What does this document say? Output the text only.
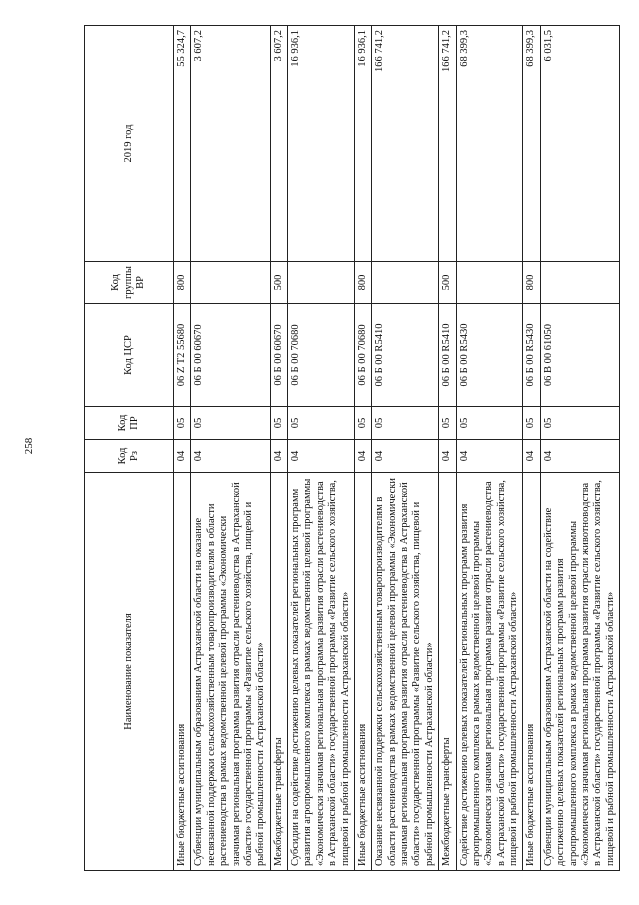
258
Наименование показателя	Код Рз	Код ПР	Код ЦСР	Код группы ВР	2019 год
Иные бюджетные ассигнования	04	05	06 Z T2 55680	800	55 324,7
Субвенции муниципальным образованиям Астраханской области на оказание несвязанной поддержки сельскохозяйственным товаропроизводителям в области растениеводства в рамках ведомственной целевой программы «Экономически значимая региональная программа развития отрасли растениеводства в Астраханской области» государственной программы «Развитие сельского хозяйства, пищевой и рыбной промышленности Астраханской области»	04	05	06 Б 00 60670		3 607,2
Межбюджетные трансферты	04	05	06 Б 00 60670	500	3 607,2
Субсидии на содействие достижению целевых показателей региональных программ развития агропромышленного комплекса в рамках ведомственной целевой программы «Экономически значимая региональная программа развития отрасли растениеводства в Астраханской области» государственной программы «Развитие сельского хозяйства, пищевой и рыбной промышленности Астраханской области»	04	05	06 Б 00 70680		16 936,1
Иные бюджетные ассигнования	04	05	06 Б 00 70680	800	16 936,1
Оказание несвязанной поддержки сельскохозяйственным товаропроизводителям в области растениеводства в рамках ведомственной целевой программы «Экономически значимая региональная программа развития отрасли растениеводства в Астраханской области» государственной программы «Развитие сельского хозяйства, пищевой и рыбной промышленности Астраханской области»	04	05	06 Б 00 R5410		166 741,2
Межбюджетные трансферты	04	05	06 Б 00 R5410	500	166 741,2
Содействие достижению целевых показателей региональных программ развития агропромышленного комплекса в рамках ведомственной целевой программы «Экономически значимая региональная программа развития отрасли растениеводства в Астраханской области» государственной программы «Развитие сельского хозяйства, пищевой и рыбной промышленности Астраханской области»	04	05	06 Б 00 R5430		68 399,3
Иные бюджетные ассигнования	04	05	06 Б 00 R5430	800	68 399,3
Субвенции муниципальным образованиям Астраханской области на содействие достижению целевых показателей региональных программ развития агропромышленного комплекса в рамках ведомственной целевой программы «Экономически значимая региональная программа развития отрасли животноводства в Астраханской области» государственной программы «Развитие сельского хозяйства, пищевой и рыбной промышленности Астраханской области»	04	05	06 В 00 61050		6 031,5
